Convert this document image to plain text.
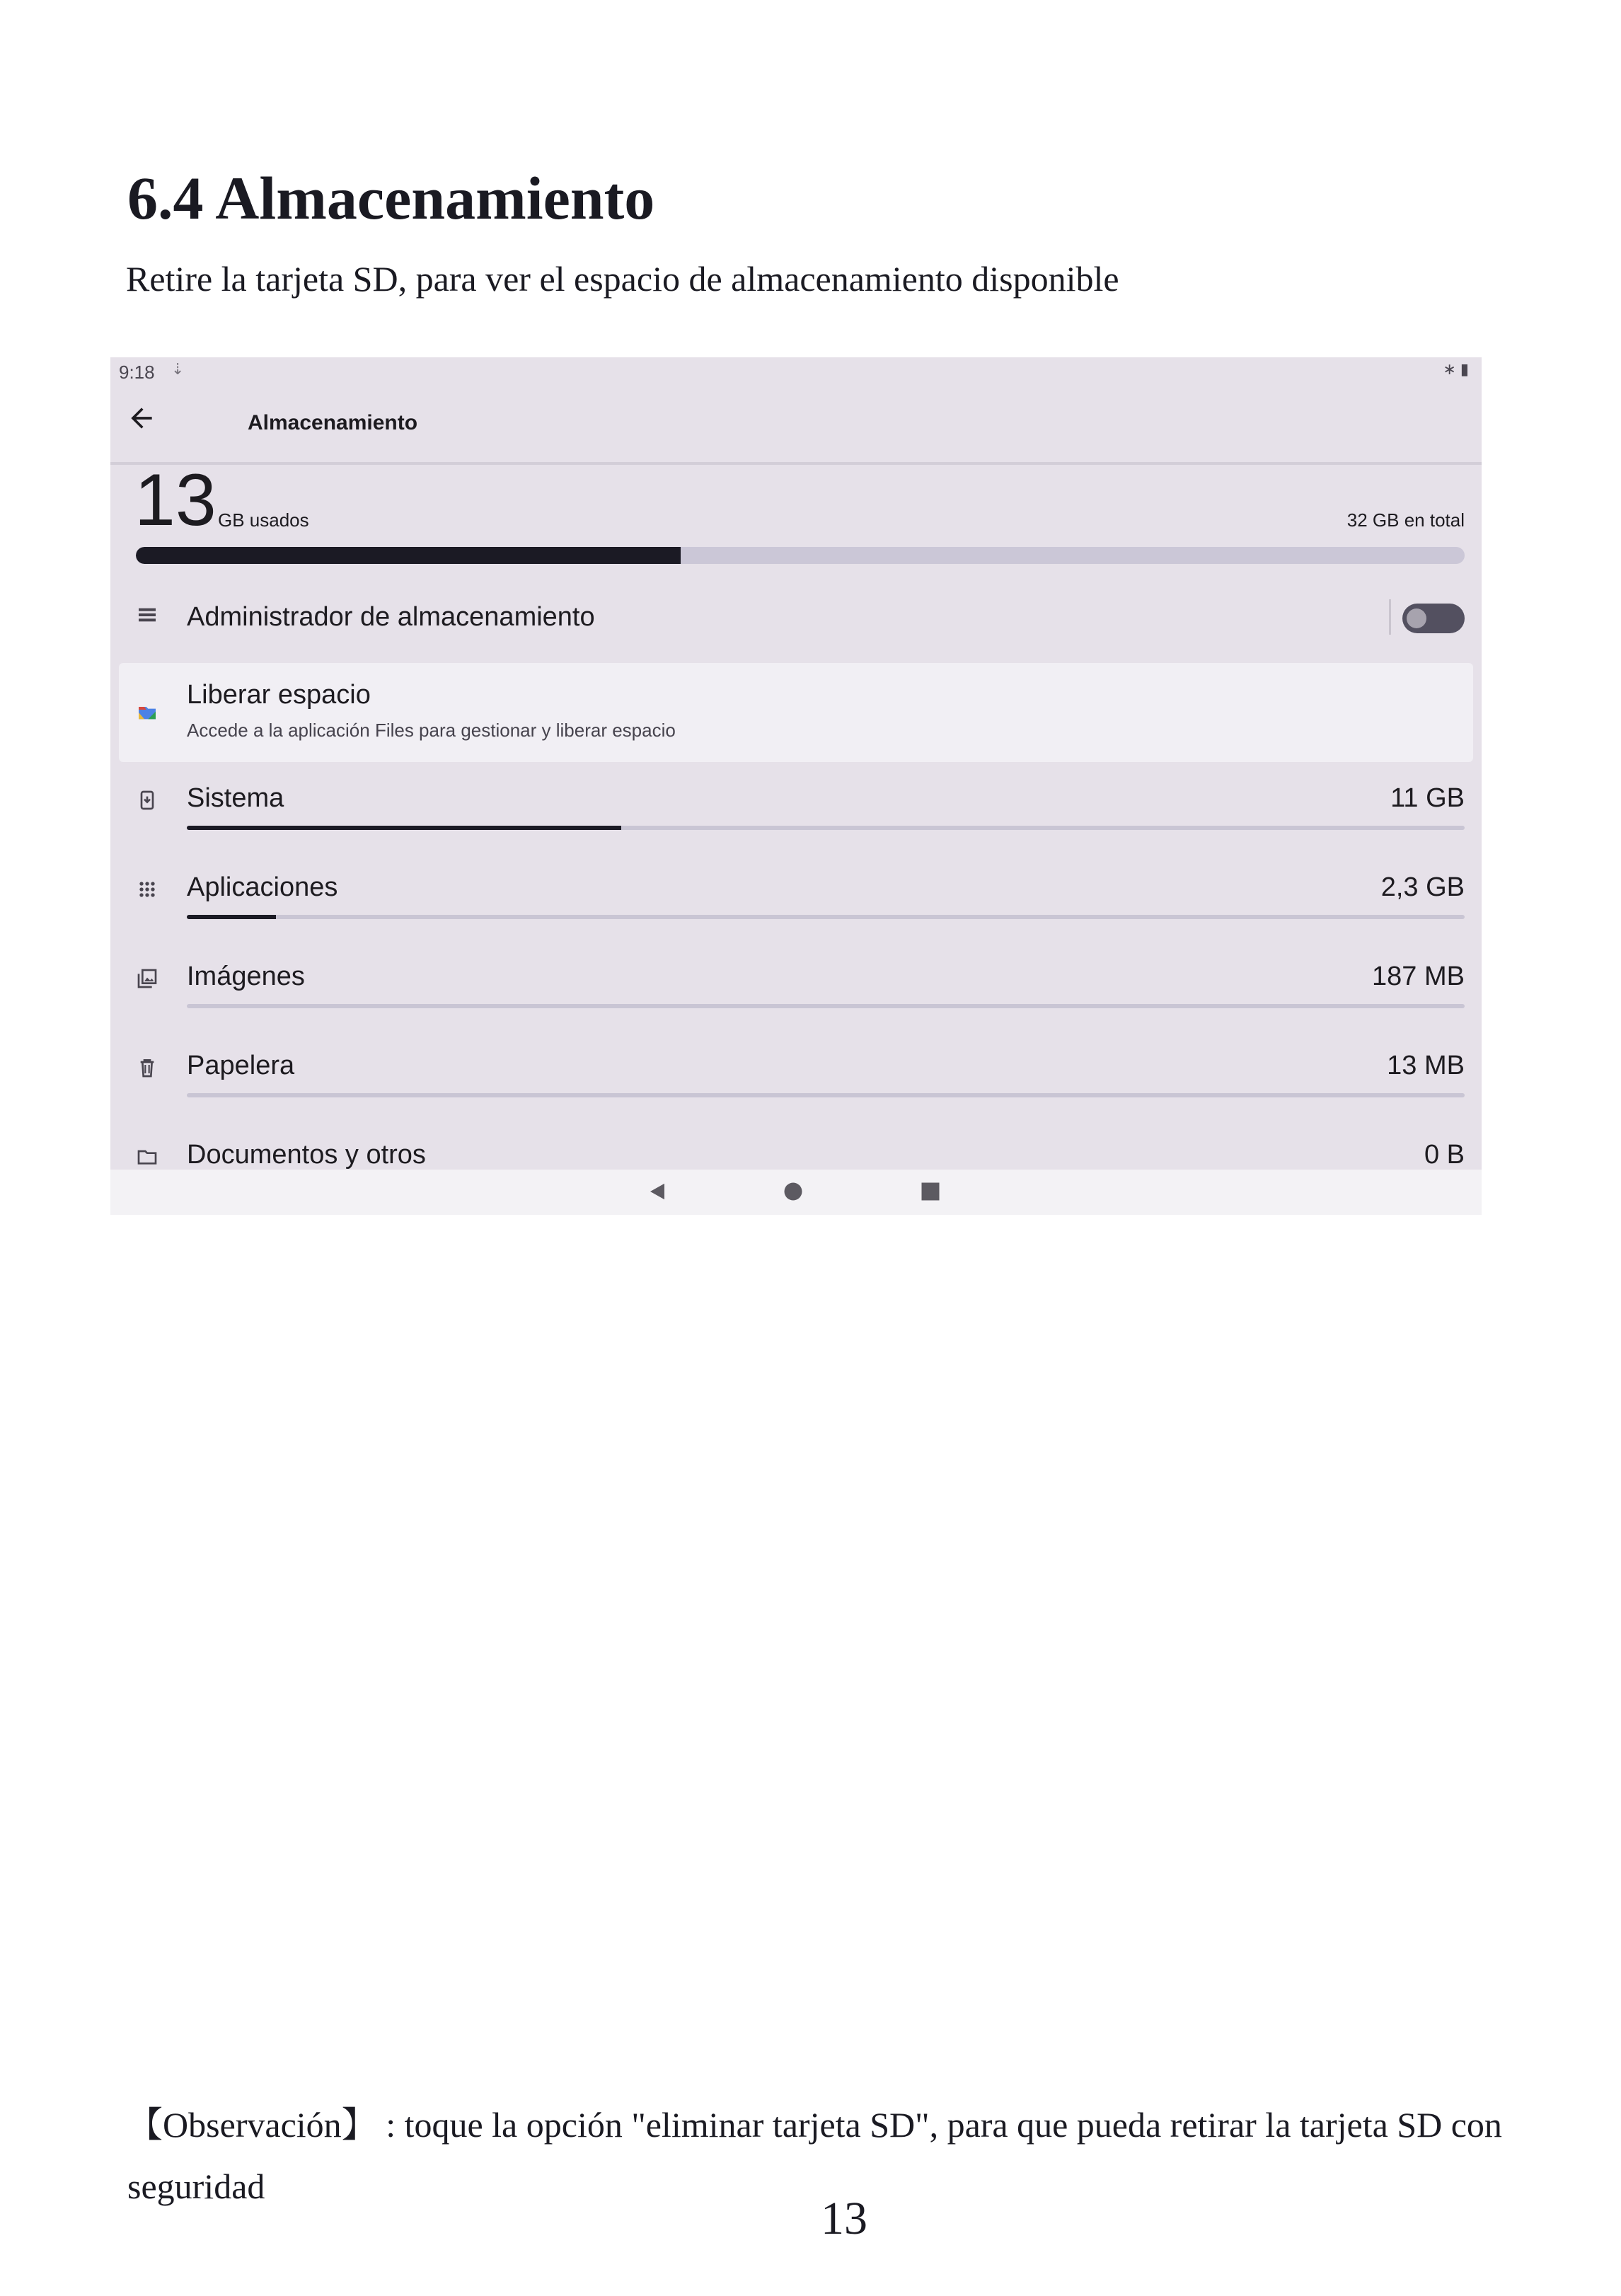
6.4 Almacenamiento
Retire la tarjeta SD, para ver el espacio de almacenamiento disponible
9:18 ⇣	∗▮
Almacenamiento
13 GB usados	32 GB en total
Administrador de almacenamiento
Liberar espacio
Accede a la aplicación Files para gestionar y liberar espacio
Sistema	11 GB
Aplicaciones	2,3 GB
Imágenes	187 MB
Papelera	13 MB
Documentos y otros	0 B
【Observación】 : toque la opción "eliminar tarjeta SD", para que pueda retirar la tarjeta SD con seguridad
13
